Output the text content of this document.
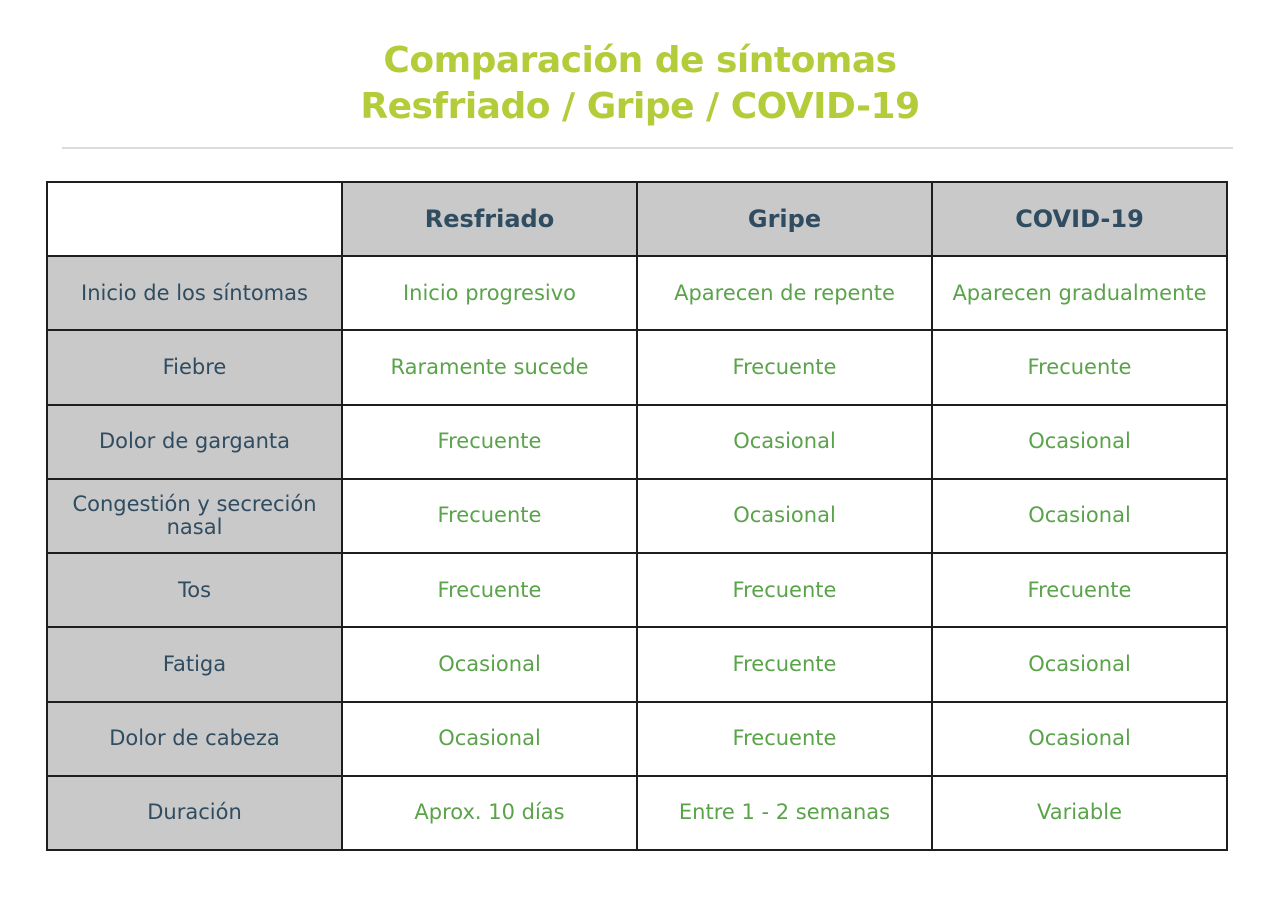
Comparación de síntomas
Resfriado / Gripe / COVID-19
	Resfriado	Gripe	COVID-19
Inicio de los síntomas	Inicio progresivo	Aparecen de repente	Aparecen gradualmente
Fiebre	Raramente sucede	Frecuente	Frecuente
Dolor de garganta	Frecuente	Ocasional	Ocasional
Congestión y secreción nasal	Frecuente	Ocasional	Ocasional
Tos	Frecuente	Frecuente	Frecuente
Fatiga	Ocasional	Frecuente	Ocasional
Dolor de cabeza	Ocasional	Frecuente	Ocasional
Duración	Aprox. 10 días	Entre 1 - 2 semanas	Variable
